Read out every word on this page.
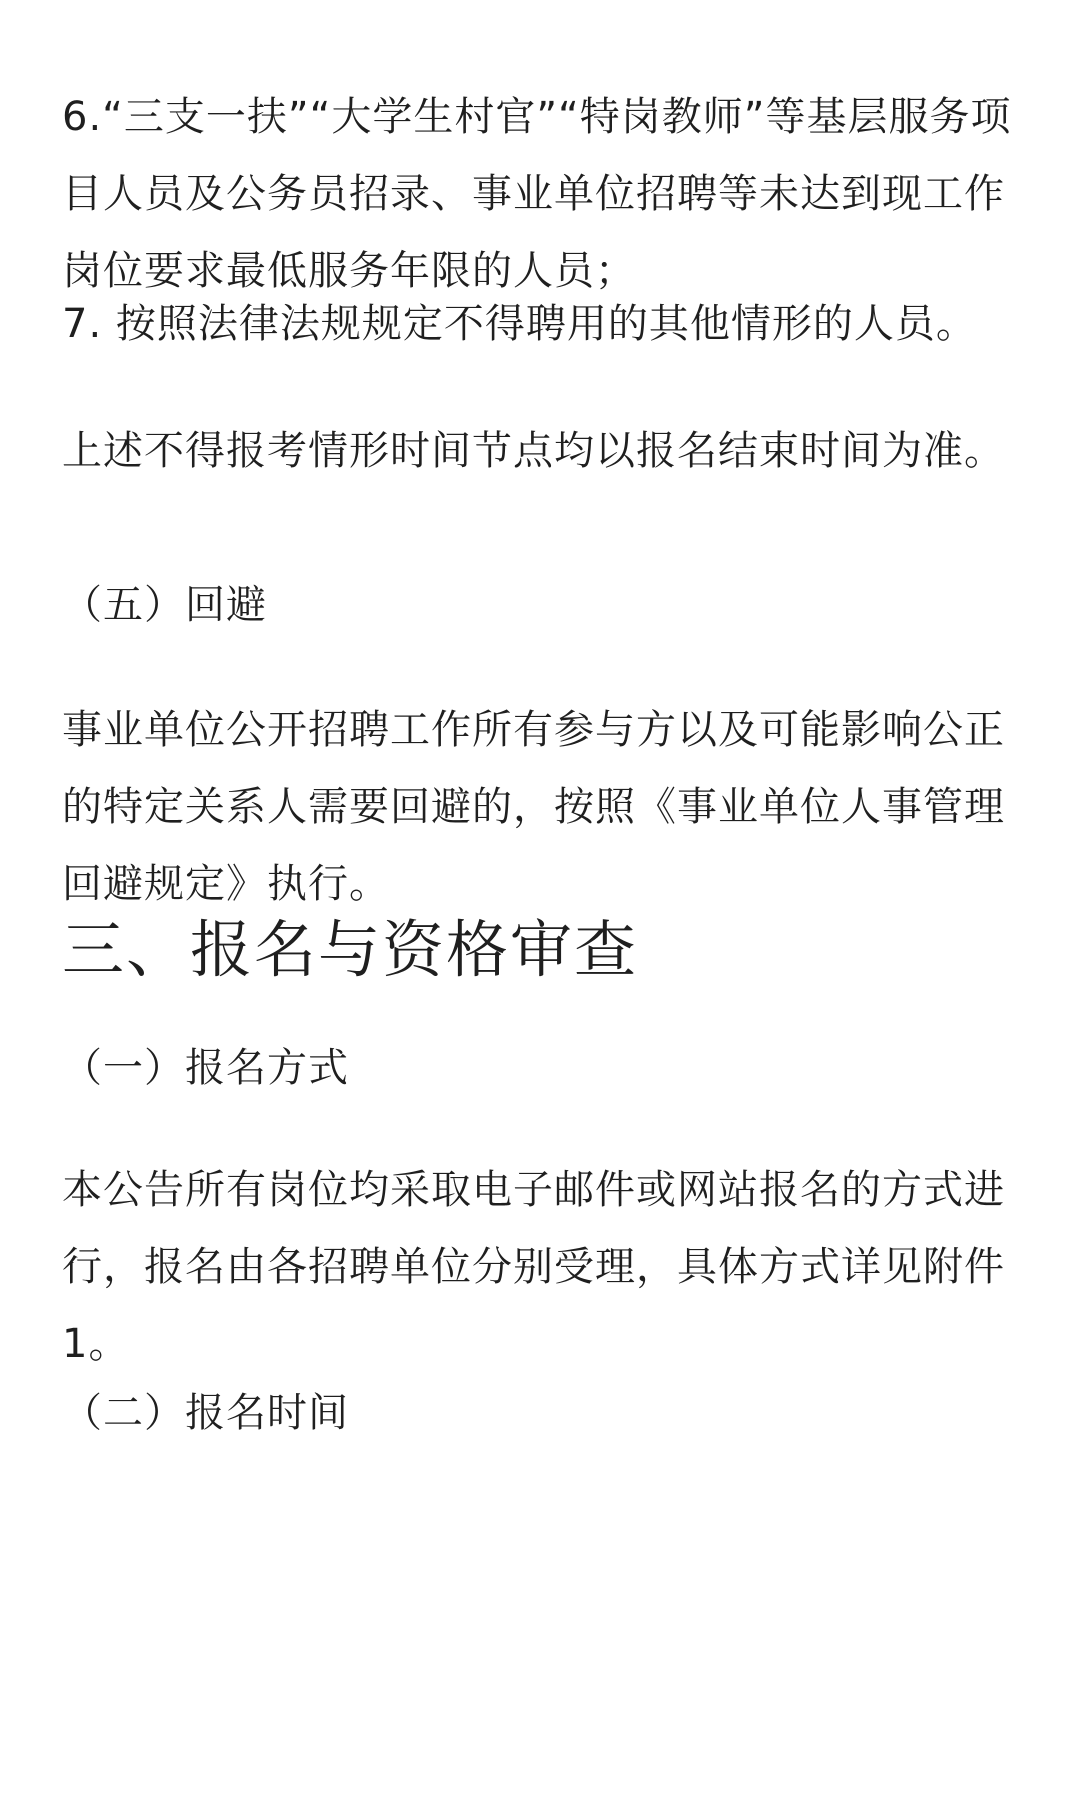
6.“三支一扶”“大学生村官”“特岗教师”等基层服务项目人员及公务员招录、事业单位招聘等未达到现工作岗位要求最低服务年限的人员；

7. 按照法律法规规定不得聘用的其他情形的人员。

上述不得报考情形时间节点均以报名结束时间为准。

（五）回避

事业单位公开招聘工作所有参与方以及可能影响公正的特定关系人需要回避的，按照《事业单位人事管理回避规定》执行。

三、报名与资格审查

（一）报名方式

本公告所有岗位均采取电子邮件或网站报名的方式进行，报名由各招聘单位分别受理，具体方式详见附件1。

（二）报名时间
